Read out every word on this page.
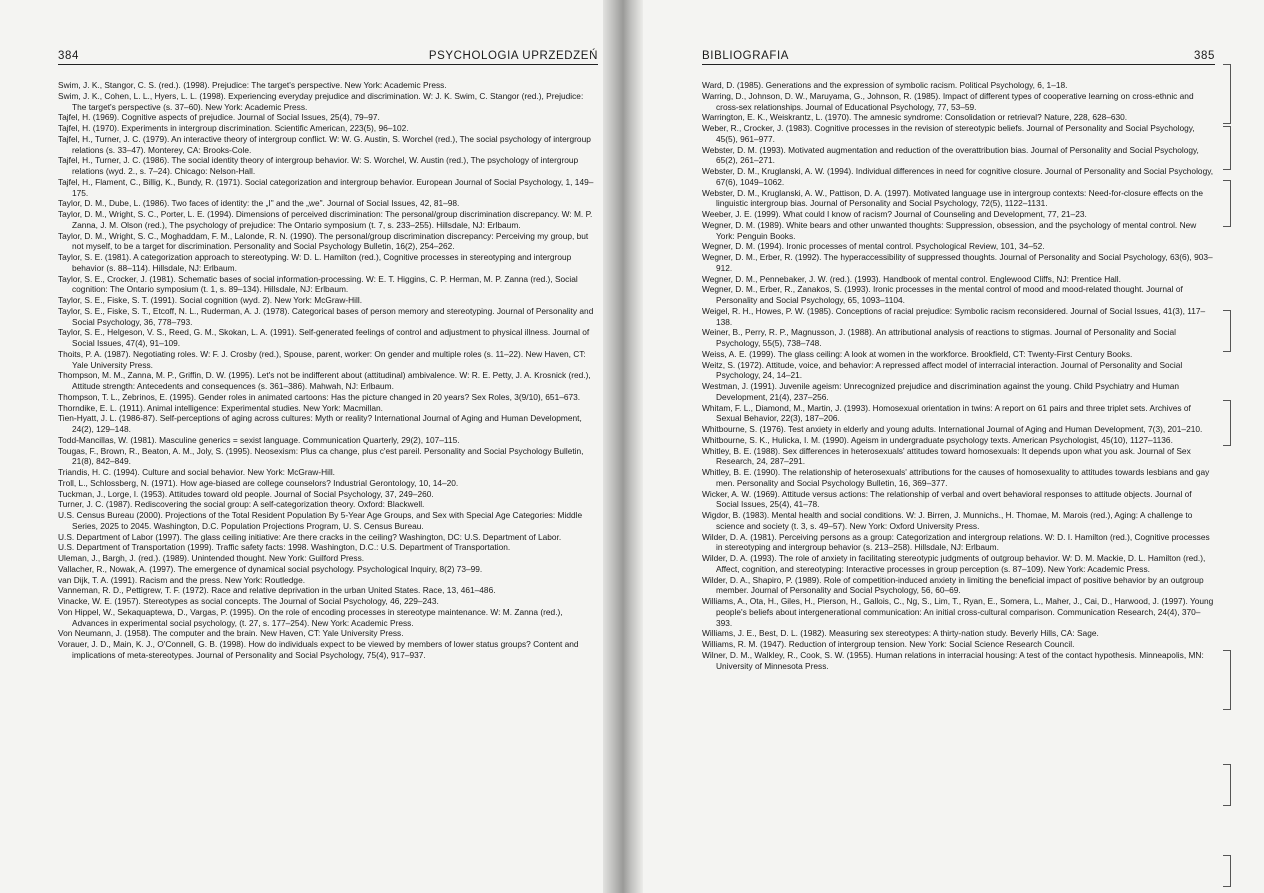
384	PSYCHOLOGIA UPRZEDZEŃ

Swim, J. K., Stangor, C. S. (red.). (1998). Prejudice: The target's perspective. New York: Academic Press.

Swim, J. K., Cohen, L. L., Hyers, L. L. (1998). Experiencing everyday prejudice and discrimination. W: J. K. Swim, C. Stangor (red.), Prejudice: The target's perspective (s. 37–60). New York: Academic Press.

Tajfel, H. (1969). Cognitive aspects of prejudice. Journal of Social Issues, 25(4), 79–97.

Tajfel, H. (1970). Experiments in intergroup discrimination. Scientific American, 223(5), 96–102.

Tajfel, H., Turner, J. C. (1979). An interactive theory of intergroup conflict. W: W. G. Austin, S. Worchel (red.), The social psychology of intergroup relations (s. 33–47). Monterey, CA: Brooks-Cole.

Tajfel, H., Turner, J. C. (1986). The social identity theory of intergroup behavior. W: S. Worchel, W. Austin (red.), The psychology of intergroup relations (wyd. 2., s. 7–24). Chicago: Nelson-Hall.

Tajfel, H., Flament, C., Billig, K., Bundy, R. (1971). Social categorization and intergroup behavior. European Journal of Social Psychology, 1, 149–175.

Taylor, D. M., Dube, L. (1986). Two faces of identity: the „I" and the „we". Journal of Social Issues, 42, 81–98.

Taylor, D. M., Wright, S. C., Porter, L. E. (1994). Dimensions of perceived discrimination: The personal/group discrimination discrepancy. W: M. P. Zanna, J. M. Olson (red.), The psychology of prejudice: The Ontario symposium (t. 7, s. 233–255). Hillsdale, NJ: Erlbaum.

Taylor, D. M., Wright, S. C., Moghaddam, F. M., Lalonde, R. N. (1990). The personal/group discrimination discrepancy: Perceiving my group, but not myself, to be a target for discrimination. Personality and Social Psychology Bulletin, 16(2), 254–262.

Taylor, S. E. (1981). A categorization approach to stereotyping. W: D. L. Hamilton (red.), Cognitive processes in stereotyping and intergroup behavior (s. 88–114). Hillsdale, NJ: Erlbaum.

Taylor, S. E., Crocker, J. (1981). Schematic bases of social information-processing. W: E. T. Higgins, C. P. Herman, M. P. Zanna (red.), Social cognition: The Ontario symposium (t. 1, s. 89–134). Hillsdale, NJ: Erlbaum.

Taylor, S. E., Fiske, S. T. (1991). Social cognition (wyd. 2). New York: McGraw-Hill.

Taylor, S. E., Fiske, S. T., Etcoff, N. L., Ruderman, A. J. (1978). Categorical bases of person memory and stereotyping. Journal of Personality and Social Psychology, 36, 778–793.

Taylor, S. E., Helgeson, V. S., Reed, G. M., Skokan, L. A. (1991). Self-generated feelings of control and adjustment to physical illness. Journal of Social Issues, 47(4), 91–109.

Thoits, P. A. (1987). Negotiating roles. W: F. J. Crosby (red.), Spouse, parent, worker: On gender and multiple roles (s. 11–22). New Haven, CT: Yale University Press.

Thompson, M. M., Zanna, M. P., Griffin, D. W. (1995). Let's not be indifferent about (attitudinal) ambivalence. W: R. E. Petty, J. A. Krosnick (red.), Attitude strength: Antecedents and consequences (s. 361–386). Mahwah, NJ: Erlbaum.

Thompson, T. L., Zebrinos, E. (1995). Gender roles in animated cartoons: Has the picture changed in 20 years? Sex Roles, 3(9/10), 651–673.

Thorndike, E. L. (1911). Animal intelligence: Experimental studies. New York: Macmillan.

Tien-Hyatt, J. L. (1986-87). Self-perceptions of aging across cultures: Myth or reality? International Journal of Aging and Human Development, 24(2), 129–148.

Todd-Mancillas, W. (1981). Masculine generics = sexist language. Communication Quarterly, 29(2), 107–115.

Tougas, F., Brown, R., Beaton, A. M., Joly, S. (1995). Neosexism: Plus ca change, plus c'est pareil. Personality and Social Psychology Bulletin, 21(8), 842–849.

Triandis, H. C. (1994). Culture and social behavior. New York: McGraw-Hill.

Troll, L., Schlossberg, N. (1971). How age-biased are college counselors? Industrial Gerontology, 10, 14–20.

Tuckman, J., Lorge, I. (1953). Attitudes toward old people. Journal of Social Psychology, 37, 249–260.

Turner, J. C. (1987). Rediscovering the social group: A self-categorization theory. Oxford: Blackwell.

U.S. Census Bureau (2000). Projections of the Total Resident Population By 5-Year Age Groups, and Sex with Special Age Categories: Middle Series, 2025 to 2045. Washington, D.C. Population Projections Program, U. S. Census Bureau.

U.S. Department of Labor (1997). The glass ceiling initiative: Are there cracks in the ceiling? Washington, DC: U.S. Department of Labor.

U.S. Department of Transportation (1999). Traffic safety facts: 1998. Washington, D.C.: U.S. Department of Transportation.

Uleman, J., Bargh, J. (red.). (1989). Unintended thought. New York: Guilford Press.

Vallacher, R., Nowak, A. (1997). The emergence of dynamical social psychology. Psychological Inquiry, 8(2) 73–99.

van Dijk, T. A. (1991). Racism and the press. New York: Routledge.

Vanneman, R. D., Pettigrew, T. F. (1972). Race and relative deprivation in the urban United States. Race, 13, 461–486.

Vinacke, W. E. (1957). Stereotypes as social concepts. The Journal of Social Psychology, 46, 229–243.

Von Hippel, W., Sekaquaptewa, D., Vargas, P. (1995). On the role of encoding processes in stereotype maintenance. W: M. Zanna (red.), Advances in experimental social psychology, (t. 27, s. 177–254). New York: Academic Press.

Von Neumann, J. (1958). The computer and the brain. New Haven, CT: Yale University Press.

Vorauer, J. D., Main, K. J., O'Connell, G. B. (1998). How do individuals expect to be viewed by members of lower status groups? Content and implications of meta-stereotypes. Journal of Personality and Social Psychology, 75(4), 917–937.

BIBLIOGRAFIA	385

Ward, D. (1985). Generations and the expression of symbolic racism. Political Psychology, 6, 1–18.

Warring, D., Johnson, D. W., Maruyama, G., Johnson, R. (1985). Impact of different types of cooperative learning on cross-ethnic and cross-sex relationships. Journal of Educational Psychology, 77, 53–59.

Warrington, E. K., Weiskrantz, L. (1970). The amnesic syndrome: Consolidation or retrieval? Nature, 228, 628–630.

Weber, R., Crocker, J. (1983). Cognitive processes in the revision of stereotypic beliefs. Journal of Personality and Social Psychology, 45(5), 961–977.

Webster, D. M. (1993). Motivated augmentation and reduction of the overattribution bias. Journal of Personality and Social Psychology, 65(2), 261–271.

Webster, D. M., Kruglanski, A. W. (1994). Individual differences in need for cognitive closure. Journal of Personality and Social Psychology, 67(6), 1049–1062.

Webster, D. M., Kruglanski, A. W., Pattison, D. A. (1997). Motivated language use in intergroup contexts: Need-for-closure effects on the linguistic intergroup bias. Journal of Personality and Social Psychology, 72(5), 1122–1131.

Weeber, J. E. (1999). What could I know of racism? Journal of Counseling and Development, 77, 21–23.

Wegner, D. M. (1989). White bears and other unwanted thoughts: Suppression, obsession, and the psychology of mental control. New York: Penguin Books.

Wegner, D. M. (1994). Ironic processes of mental control. Psychological Review, 101, 34–52.

Wegner, D. M., Erber, R. (1992). The hyperaccessibility of suppressed thoughts. Journal of Personality and Social Psychology, 63(6), 903–912.

Wegner, D. M., Pennebaker, J. W. (red.). (1993). Handbook of mental control. Englewood Cliffs, NJ: Prentice Hall.

Wegner, D. M., Erber, R., Zanakos, S. (1993). Ironic processes in the mental control of mood and mood-related thought. Journal of Personality and Social Psychology, 65, 1093–1104.

Weigel, R. H., Howes, P. W. (1985). Conceptions of racial prejudice: Symbolic racism reconsidered. Journal of Social Issues, 41(3), 117–138.

Weiner, B., Perry, R. P., Magnusson, J. (1988). An attributional analysis of reactions to stigmas. Journal of Personality and Social Psychology, 55(5), 738–748.

Weiss, A. E. (1999). The glass ceiling: A look at women in the workforce. Brookfield, CT: Twenty-First Century Books.

Weitz, S. (1972). Attitude, voice, and behavior: A repressed affect model of interracial interaction. Journal of Personality and Social Psychology, 24, 14–21.

Westman, J. (1991). Juvenile ageism: Unrecognized prejudice and discrimination against the young. Child Psychiatry and Human Development, 21(4), 237–256.

Whitam, F. L., Diamond, M., Martin, J. (1993). Homosexual orientation in twins: A report on 61 pairs and three triplet sets. Archives of Sexual Behavior, 22(3), 187–206.

Whitbourne, S. (1976). Test anxiety in elderly and young adults. International Journal of Aging and Human Development, 7(3), 201–210.

Whitbourne, S. K., Hulicka, I. M. (1990). Ageism in undergraduate psychology texts. American Psychologist, 45(10), 1127–1136.

Whitley, B. E. (1988). Sex differences in heterosexuals' attitudes toward homosexuals: It depends upon what you ask. Journal of Sex Research, 24, 287–291.

Whitley, B. E. (1990). The relationship of heterosexuals' attributions for the causes of homosexuality to attitudes towards lesbians and gay men. Personality and Social Psychology Bulletin, 16, 369–377.

Wicker, A. W. (1969). Attitude versus actions: The relationship of verbal and overt behavioral responses to attitude objects. Journal of Social Issues, 25(4), 41–78.

Wigdor, B. (1983). Mental health and social conditions. W: J. Birren, J. Munnichs., H. Thomae, M. Marois (red.), Aging: A challenge to science and society (t. 3, s. 49–57). New York: Oxford University Press.

Wilder, D. A. (1981). Perceiving persons as a group: Categorization and intergroup relations. W: D. I. Hamilton (red.), Cognitive processes in stereotyping and intergroup behavior (s. 213–258). Hillsdale, NJ: Erlbaum.

Wilder, D. A. (1993). The role of anxiety in facilitating stereotypic judgments of outgroup behavior. W: D. M. Mackie, D. L. Hamilton (red.), Affect, cognition, and stereotyping: Interactive processes in group perception (s. 87–109). New York: Academic Press.

Wilder, D. A., Shapiro, P. (1989). Role of competition-induced anxiety in limiting the beneficial impact of positive behavior by an outgroup member. Journal of Personality and Social Psychology, 56, 60–69.

Williams, A., Ota, H., Giles, H., Pierson, H., Gallois, C., Ng, S., Lim, T., Ryan, E., Somera, L., Maher, J., Cai, D., Harwood, J. (1997). Young people's beliefs about intergenerational communication: An initial cross-cultural comparison. Communication Research, 24(4), 370–393.

Williams, J. E., Best, D. L. (1982). Measuring sex stereotypes: A thirty-nation study. Beverly Hills, CA: Sage.

Williams, R. M. (1947). Reduction of intergroup tension. New York: Social Science Research Council.

Wilner, D. M., Walkley, R., Cook, S. W. (1955). Human relations in interracial housing: A test of the contact hypothesis. Minneapolis, MN: University of Minnesota Press.
